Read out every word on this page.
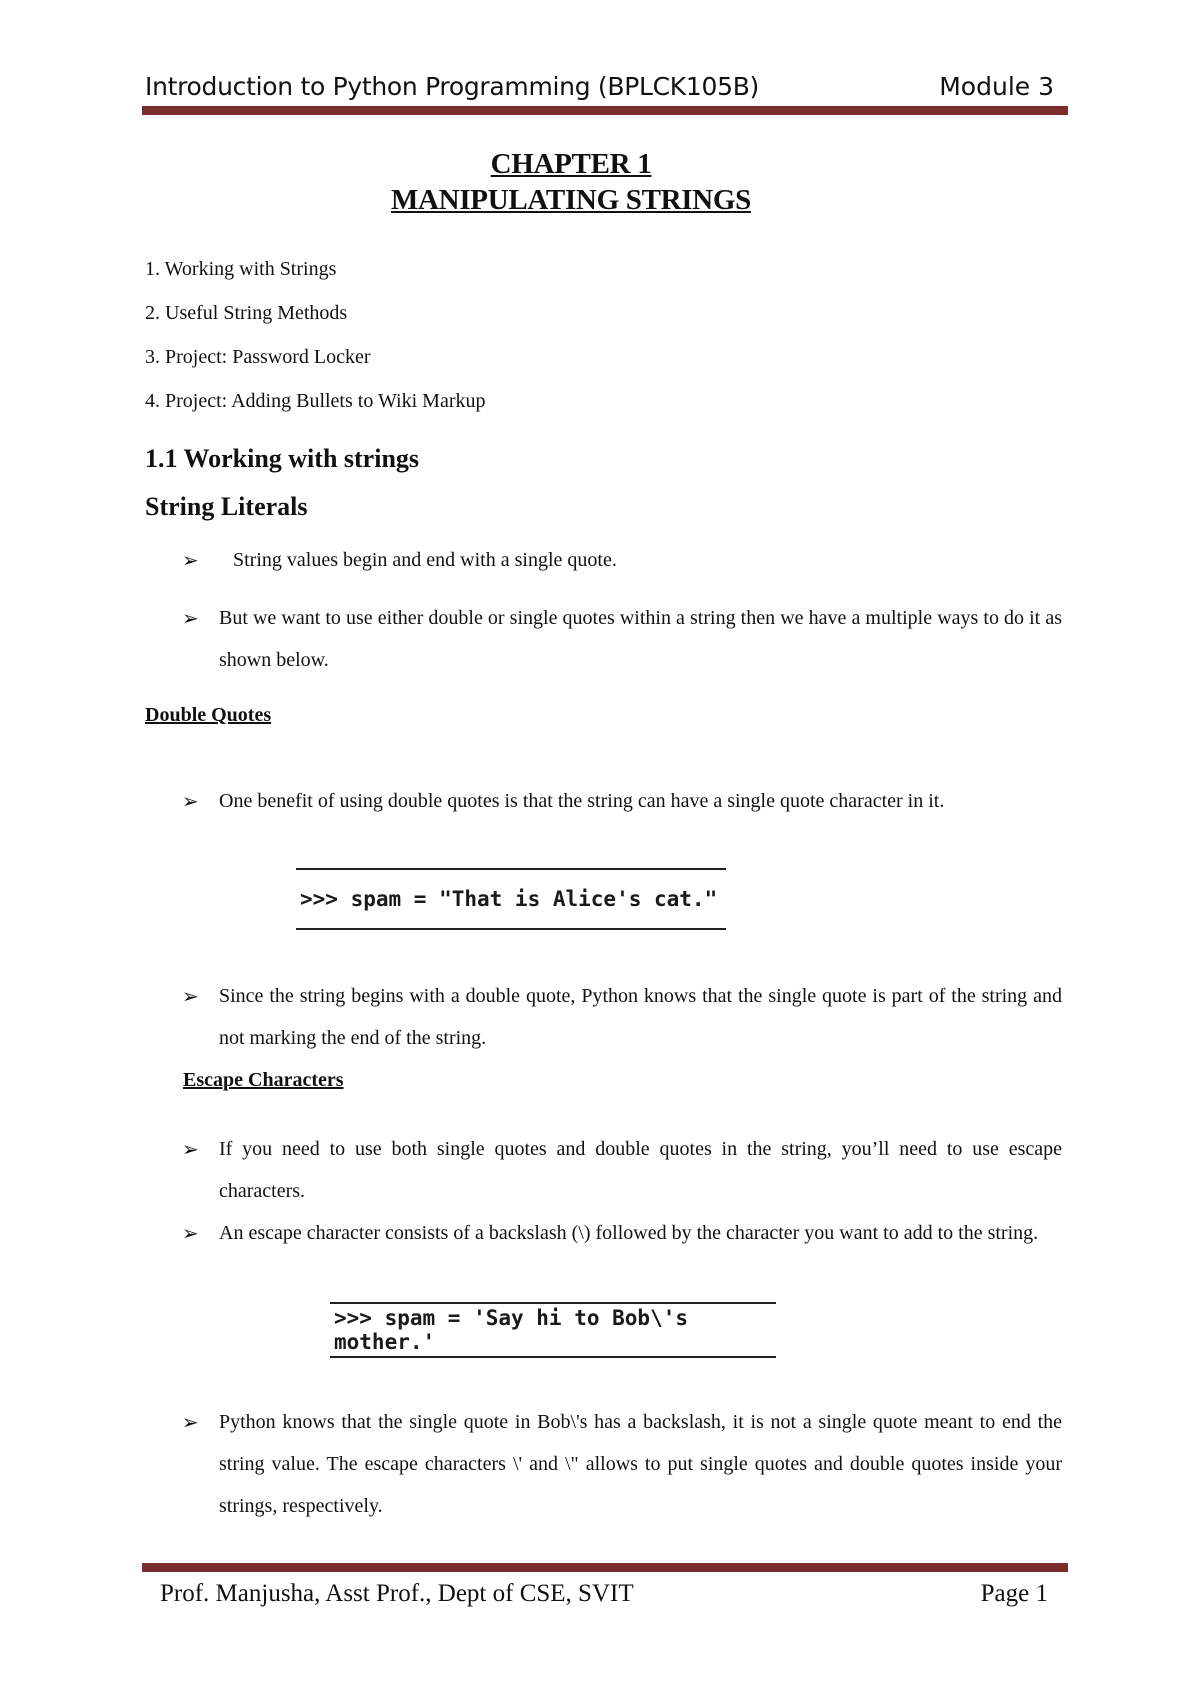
Introduction to Python Programming (BPLCK105B)	Module 3
CHAPTER 1
MANIPULATING STRINGS
1. Working with Strings
2. Useful String Methods
3. Project: Password Locker
4. Project: Adding Bullets to Wiki Markup
1.1 Working with strings
String Literals
➢	String values begin and end with a single quote.
➢	But we want to use either double or single quotes within a string then we have a multiple ways to do it as shown below.
Double Quotes
➢	One benefit of using double quotes is that the string can have a single quote character in it.
>>> spam = "That is Alice's cat."
➢	Since the string begins with a double quote, Python knows that the single quote is part of the string and not marking the end of the string.
Escape Characters
➢	If you need to use both single quotes and double quotes in the string, you’ll need to use escape characters.
➢	An escape character consists of a backslash (\) followed by the character you want to add to the string.
>>> spam = 'Say hi to Bob\'s mother.'
➢	Python knows that the single quote in Bob\'s has a backslash, it is not a single quote meant to end the string value. The escape characters \' and \" allows to put single quotes and double quotes inside your strings, respectively.
Prof. Manjusha, Asst Prof., Dept of CSE, SVIT	Page 1
